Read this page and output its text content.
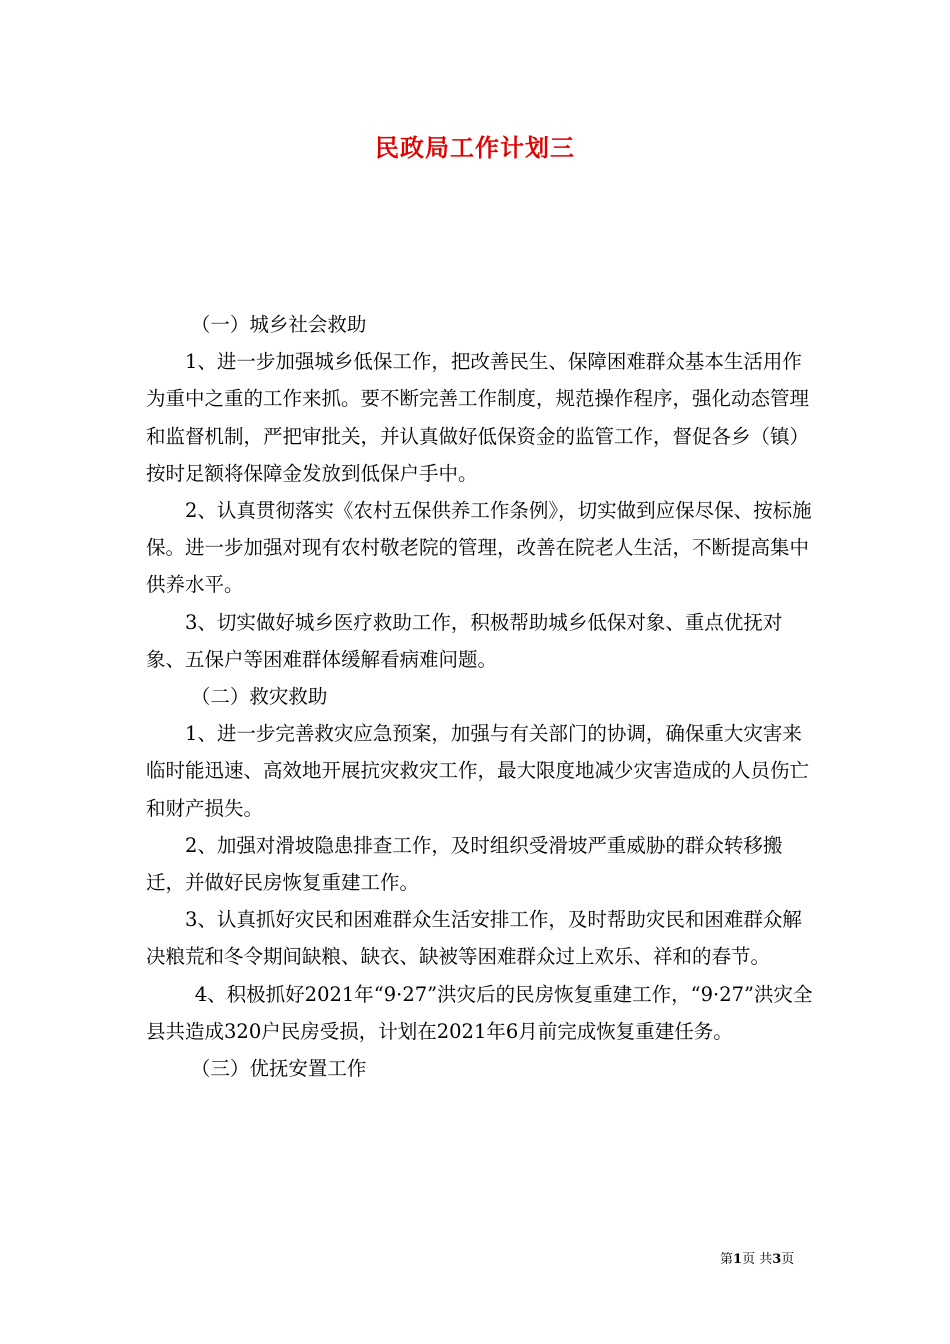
民政局工作计划三

（一）城乡社会救助

1、进一步加强城乡低保工作，把改善民生、保障困难群众基本生活用作为重中之重的工作来抓。要不断完善工作制度，规范操作程序，强化动态管理和监督机制，严把审批关，并认真做好低保资金的监管工作，督促各乡（镇）按时足额将保障金发放到低保户手中。

2、认真贯彻落实《农村五保供养工作条例》，切实做到应保尽保、按标施保。进一步加强对现有农村敬老院的管理，改善在院老人生活，不断提高集中供养水平。

3、切实做好城乡医疗救助工作，积极帮助城乡低保对象、重点优抚对象、五保户等困难群体缓解看病难问题。

（二）救灾救助

1、进一步完善救灾应急预案，加强与有关部门的协调，确保重大灾害来临时能迅速、高效地开展抗灾救灾工作，最大限度地减少灾害造成的人员伤亡和财产损失。

2、加强对滑坡隐患排查工作，及时组织受滑坡严重威胁的群众转移搬迁，并做好民房恢复重建工作。

3、认真抓好灾民和困难群众生活安排工作，及时帮助灾民和困难群众解决粮荒和冬令期间缺粮、缺衣、缺被等困难群众过上欢乐、祥和的春节。

4、积极抓好2021年“9·27”洪灾后的民房恢复重建工作，“9·27”洪灾全县共造成320户民房受损，计划在2021年6月前完成恢复重建任务。

（三）优抚安置工作

第1页 共3页
